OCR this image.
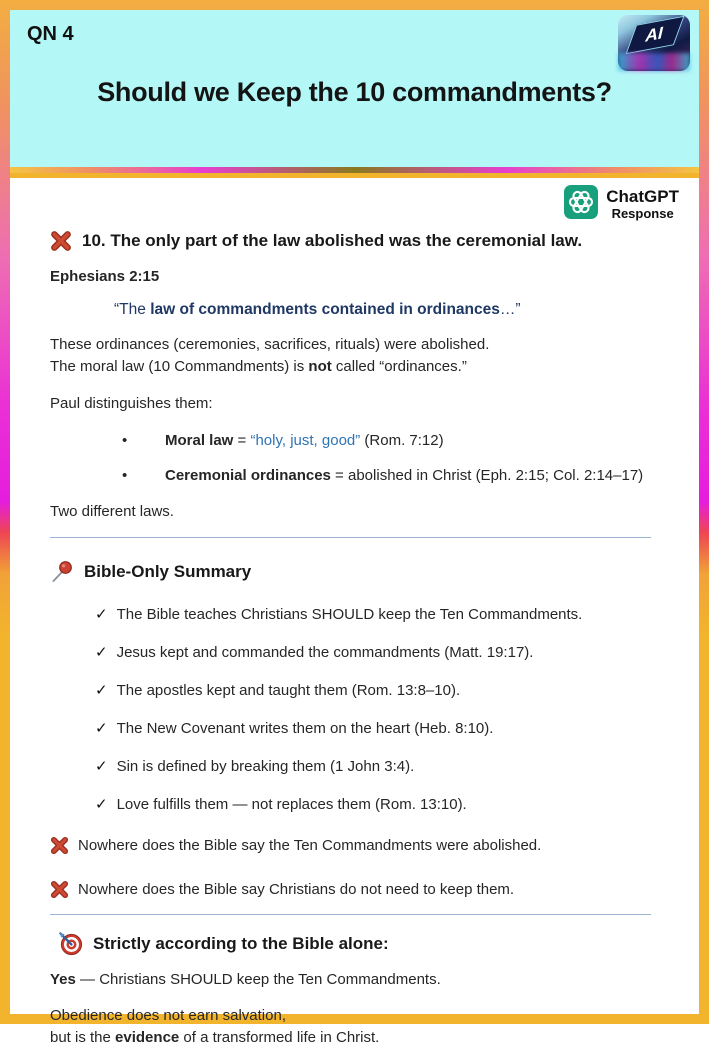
QN 4	AI
Should we Keep the 10 commandments?
ChatGPT
Response
10. The only part of the law abolished was the ceremonial law.
Ephesians 2:15

“The law of commandments contained in ordinances…”

These ordinances (ceremonies, sacrifices, rituals) were abolished.
The moral law (10 Commandments) is not called “ordinances.”

Paul distinguishes them:

•	Moral law = “holy, just, good” (Rom. 7:12)
•	Ceremonial ordinances = abolished in Christ (Eph. 2:15; Col. 2:14–17)

Two different laws.

Bible-Only Summary
✓ The Bible teaches Christians SHOULD keep the Ten Commandments.
✓ Jesus kept and commanded the commandments (Matt. 19:17).
✓ The apostles kept and taught them (Rom. 13:8–10).
✓ The New Covenant writes them on the heart (Heb. 8:10).
✓ Sin is defined by breaking them (1 John 3:4).
✓ Love fulfills them — not replaces them (Rom. 13:10).
Nowhere does the Bible say the Ten Commandments were abolished.
Nowhere does the Bible say Christians do not need to keep them.
Strictly according to the Bible alone:

Yes — Christians SHOULD keep the Ten Commandments.

Obedience does not earn salvation,
but is the evidence of a transformed life in Christ.
